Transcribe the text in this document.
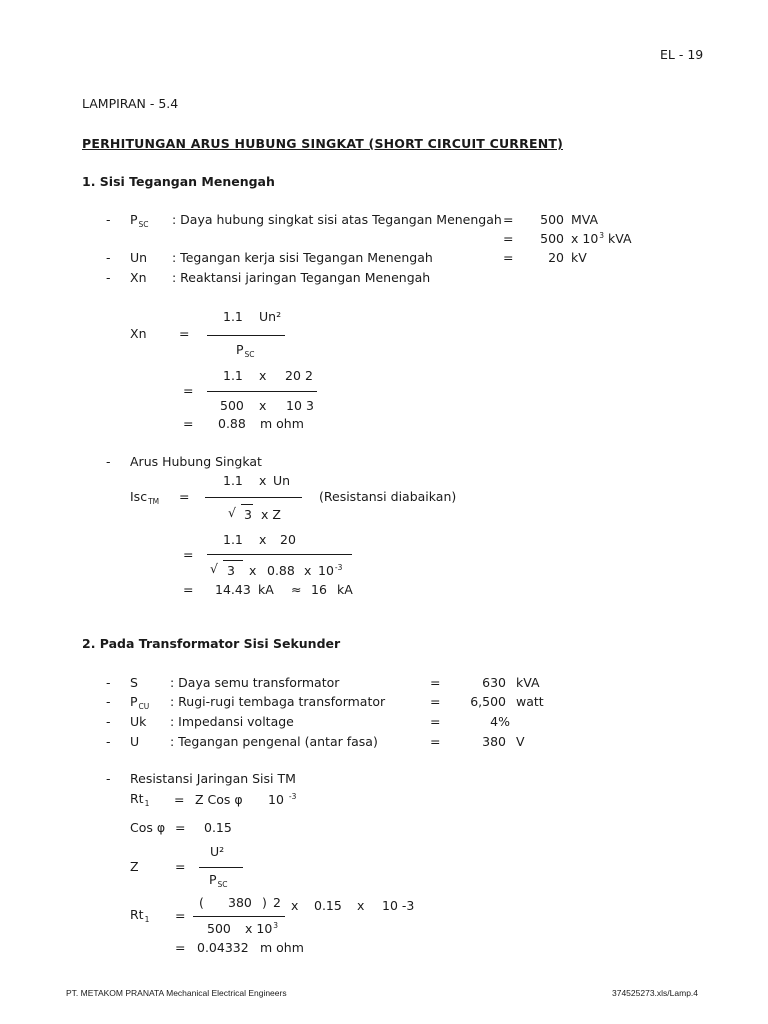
EL - 19
LAMPIRAN - 5.4
PERHITUNGAN ARUS HUBUNG SINGKAT (SHORT CIRCUIT CURRENT)
1. Sisi Tegangan Menengah
- $P_{SC}$ : Daya hubung singkat sisi atas Tegangan Menengah =	500 MVA
=	500 x $10^3$ kVA
- Un : Tegangan kerja sisi Tegangan Menengah	=	20 kV
- Xn : Reaktansi jaringan Tegangan Menengah
1.1 Un²
Xn	=
$P_{SC}$
1.1 x 20 2
=
500 x 10 3
= 0.88 m ohm
- Arus Hubung Singkat
1.1 x Un
Isc$_{TM}$ =	(Resistansi diabaikan)
√ 3 x Z
1.1 x 20
=
√ 3 x 0.88 x $10^{-3}$
= 14.43 kA ≈ 16 kA
2. Pada Transformator Sisi Sekunder
- S	: Daya semu transformator	=	630 kVA
- $P_{CU}$ : Rugi-rugi tembaga transformator	=	6,500 watt
- Uk : Impedansi voltage	=	4%
- U : Tegangan pengenal (antar fasa)	=	380 V
- Resistansi Jaringan Sisi TM
$Rt_1 = Z$ Cos φ 10 $^{-3}$
Cos φ = 0.15
U²
Z	=
$P_{SC}$
( 380 ) 2 x 0.15 x 10 -3
$Rt_1$ =
500 x $10^3$
= 0.04332 m ohm
PT. METAKOM PRANATA Mechanical Electrical Engineers	374525273.xls/Lamp.4
